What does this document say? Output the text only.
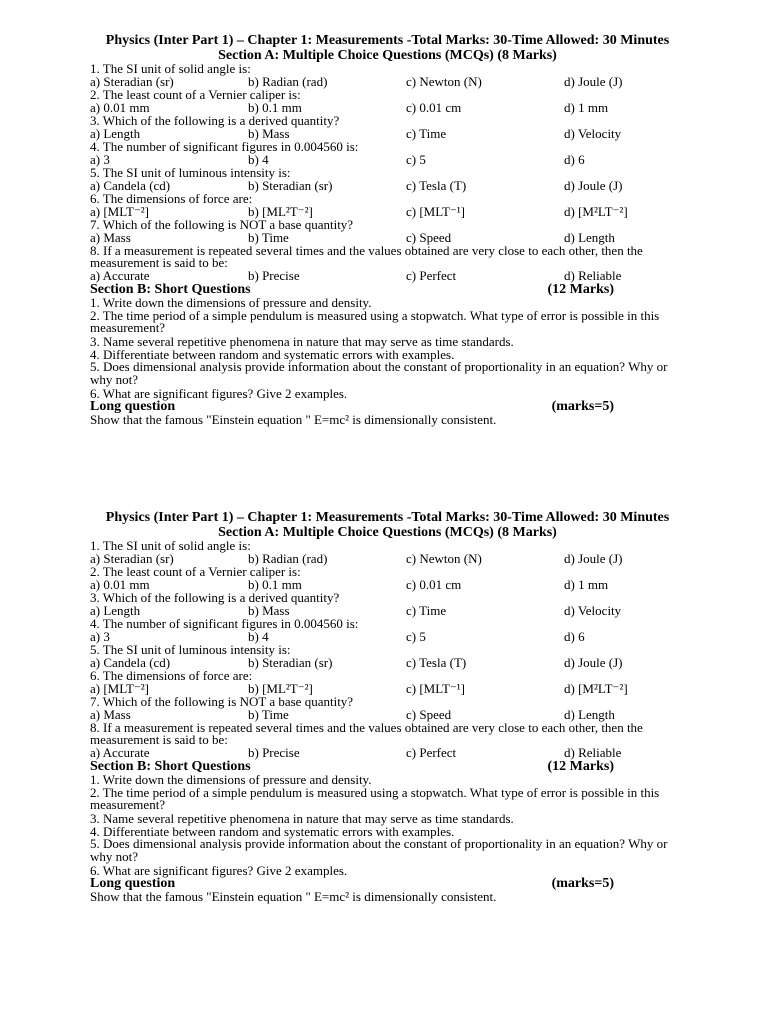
Physics (Inter Part 1) – Chapter 1: Measurements -Total Marks: 30-Time Allowed: 30 Minutes

Section A: Multiple Choice Questions (MCQs) (8 Marks)

1. The SI unit of solid angle is:

a) Steradian (sr)	b) Radian (rad)	c) Newton (N)	d) Joule (J)

2. The least count of a Vernier caliper is:

a) 0.01 mm	b) 0.1 mm	c) 0.01 cm	d) 1 mm

3. Which of the following is a derived quantity?

a) Length	b) Mass	c) Time	d) Velocity

4. The number of significant figures in 0.004560 is:

a) 3	b) 4	c) 5	d) 6

5. The SI unit of luminous intensity is:

a) Candela (cd)	b) Steradian (sr)	c) Tesla (T)	d) Joule (J)

6. The dimensions of force are:

a) [MLT⁻²]	b) [ML²T⁻²]	c) [MLT⁻¹]	d) [M²LT⁻²]

7. Which of the following is NOT a base quantity?

a) Mass	b) Time	c) Speed	d) Length

8. If a measurement is repeated several times and the values obtained are very close to each other, then the measurement is said to be:

a) Accurate	b) Precise	c) Perfect	d) Reliable
Section B: Short Questions	(12 Marks)

1. Write down the dimensions of pressure and density.

2. The time period of a simple pendulum is measured using a stopwatch. What type of error is possible in this measurement?

3. Name several repetitive phenomena in nature that may serve as time standards.

4. Differentiate between random and systematic errors with examples.

5. Does dimensional analysis provide information about the constant of proportionality in an equation? Why or why not?

6. What are significant figures? Give 2 examples.

Long question	(marks=5)

Show that the famous "Einstein equation " E=mc² is dimensionally consistent.

Physics (Inter Part 1) – Chapter 1: Measurements -Total Marks: 30-Time Allowed: 30 Minutes

Section A: Multiple Choice Questions (MCQs) (8 Marks)

1. The SI unit of solid angle is:

a) Steradian (sr)	b) Radian (rad)	c) Newton (N)	d) Joule (J)

2. The least count of a Vernier caliper is:

a) 0.01 mm	b) 0.1 mm	c) 0.01 cm	d) 1 mm

3. Which of the following is a derived quantity?

a) Length	b) Mass	c) Time	d) Velocity

4. The number of significant figures in 0.004560 is:

a) 3	b) 4	c) 5	d) 6

5. The SI unit of luminous intensity is:

a) Candela (cd)	b) Steradian (sr)	c) Tesla (T)	d) Joule (J)

6. The dimensions of force are:

a) [MLT⁻²]	b) [ML²T⁻²]	c) [MLT⁻¹]	d) [M²LT⁻²]

7. Which of the following is NOT a base quantity?

a) Mass	b) Time	c) Speed	d) Length

8. If a measurement is repeated several times and the values obtained are very close to each other, then the measurement is said to be:

a) Accurate	b) Precise	c) Perfect	d) Reliable
Section B: Short Questions	(12 Marks)

1. Write down the dimensions of pressure and density.

2. The time period of a simple pendulum is measured using a stopwatch. What type of error is possible in this measurement?

3. Name several repetitive phenomena in nature that may serve as time standards.

4. Differentiate between random and systematic errors with examples.

5. Does dimensional analysis provide information about the constant of proportionality in an equation? Why or why not?

6. What are significant figures? Give 2 examples.

Long question	(marks=5)

Show that the famous "Einstein equation " E=mc² is dimensionally consistent.
